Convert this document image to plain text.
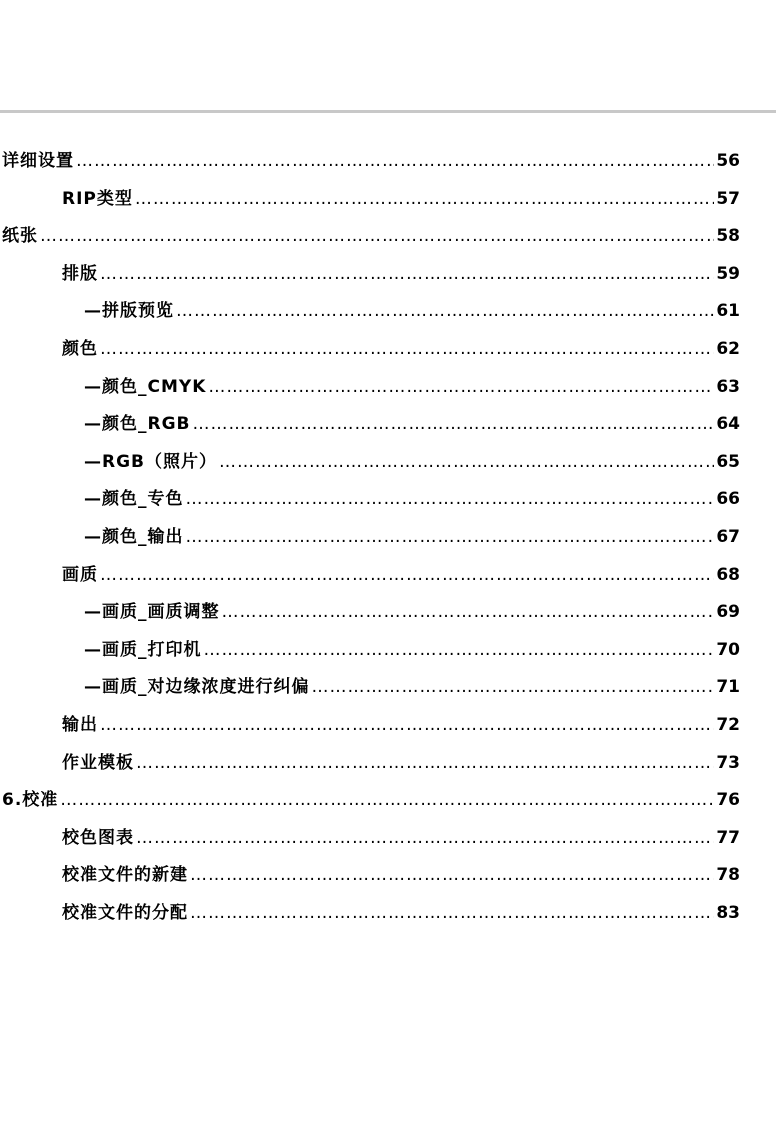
详细设置 ……………………………………………………………………………………………………………………………………………………………………………	56
RIP类型 ……………………………………………………………………………………………………………………………………………………………………………	57
纸张 ……………………………………………………………………………………………………………………………………………………………………………	58
排版 ……………………………………………………………………………………………………………………………………………………………………………	59
—拼版预览 ……………………………………………………………………………………………………………………………………………………………………………	61
颜色 ……………………………………………………………………………………………………………………………………………………………………………	62
—颜色_CMYK ……………………………………………………………………………………………………………………………………………………………………………	63
—颜色_RGB ……………………………………………………………………………………………………………………………………………………………………………	64
—RGB（照片） ……………………………………………………………………………………………………………………………………………………………………………	65
—颜色_专色 ……………………………………………………………………………………………………………………………………………………………………………	66
—颜色_输出 ……………………………………………………………………………………………………………………………………………………………………………	67
画质 ……………………………………………………………………………………………………………………………………………………………………………	68
—画质_画质调整 ……………………………………………………………………………………………………………………………………………………………………………	69
—画质_打印机 ……………………………………………………………………………………………………………………………………………………………………………	70
—画质_对边缘浓度进行纠偏 ……………………………………………………………………………………………………………………………………………………………………………	71
输出 ……………………………………………………………………………………………………………………………………………………………………………	72
作业模板 ……………………………………………………………………………………………………………………………………………………………………………	73
6.校准 ……………………………………………………………………………………………………………………………………………………………………………	76
校色图表 ……………………………………………………………………………………………………………………………………………………………………………	77
校准文件的新建 ……………………………………………………………………………………………………………………………………………………………………………	78
校准文件的分配 ……………………………………………………………………………………………………………………………………………………………………………	83
